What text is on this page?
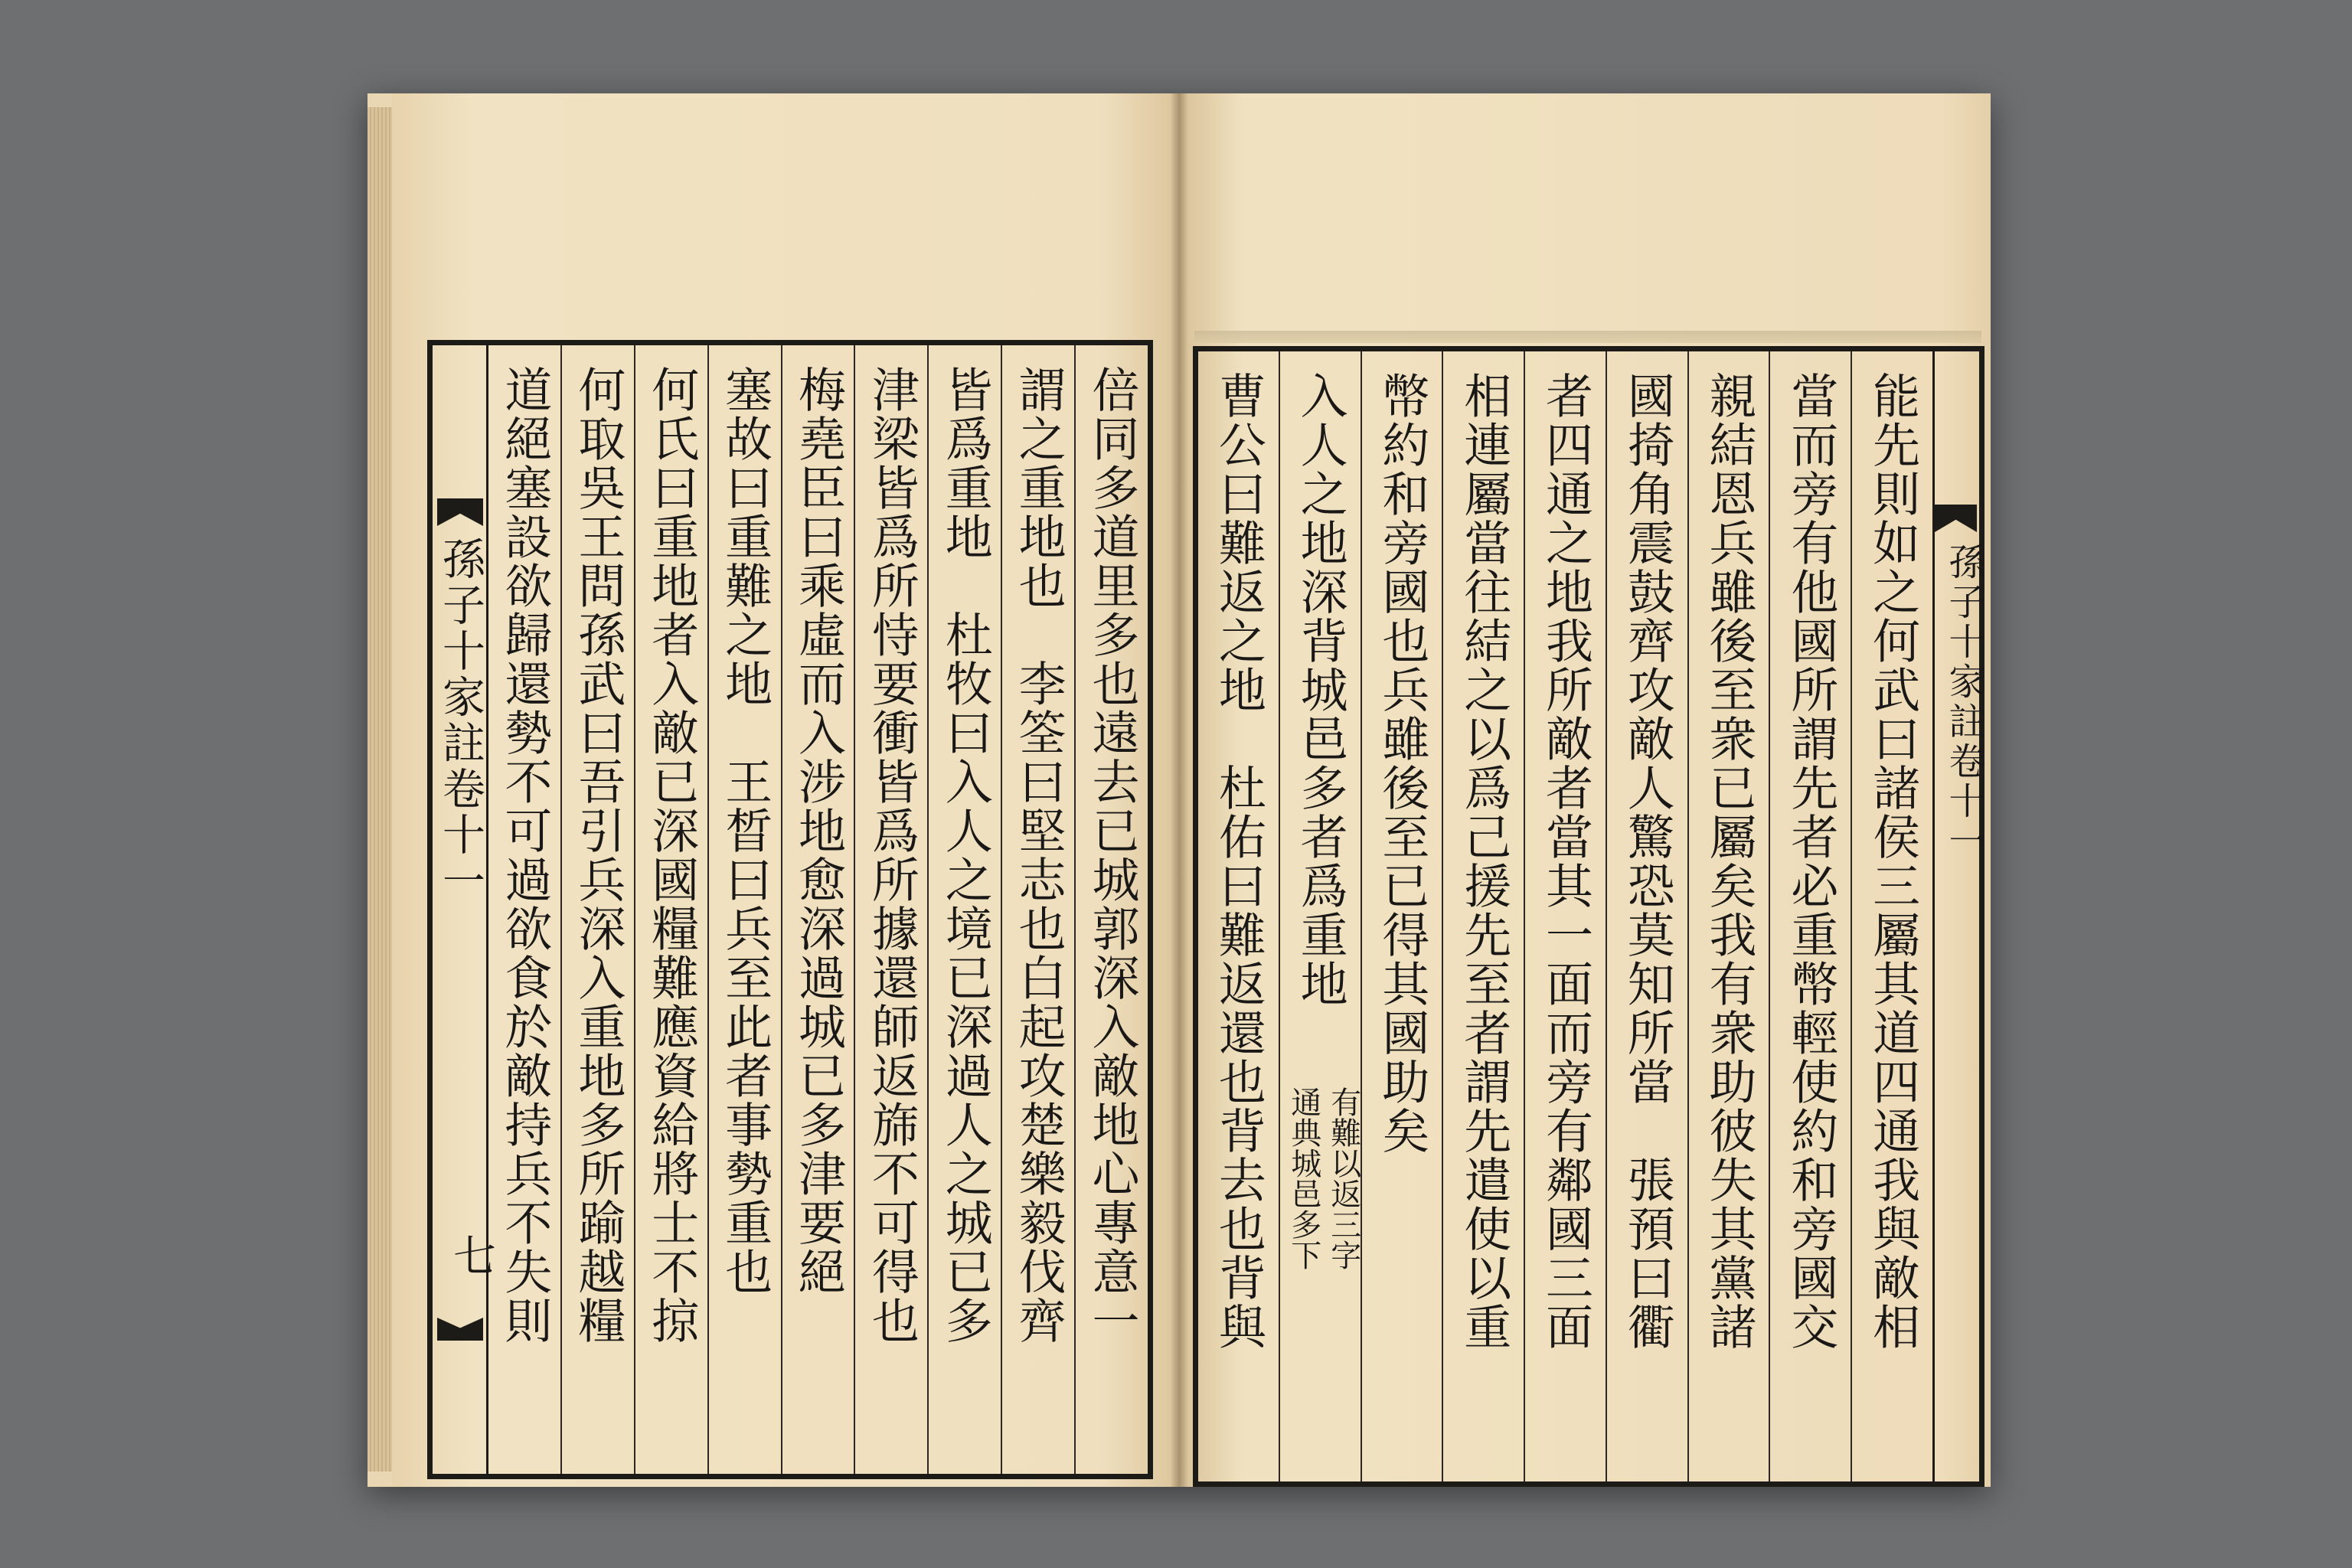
孫子十家註卷十一
七	倍同多道里多也遠去已城郭深入敵地心專意一
謂之重地也　李筌曰堅志也白起攻楚樂毅伐齊
皆爲重地　杜牧曰入人之境已深過人之城已多
津梁皆爲所恃要衝皆爲所據還師返旆不可得也
梅堯臣曰乘虛而入涉地愈深過城已多津要絕
塞故曰重難之地　王晳曰兵至此者事勢重也
何氏曰重地者入敵已深國糧難應資給將士不掠
何取吳王問孫武曰吾引兵深入重地多所踰越糧
道絕塞設欲歸還勢不可過欲食於敵持兵不失則	孫子十家註卷十一
能先則如之何武曰諸侯三屬其道四通我與敵相
當而旁有他國所謂先者必重幣輕使約和旁國交
親結恩兵雖後至衆已屬矣我有衆助彼失其黨諸
國掎角震鼓齊攻敵人驚恐莫知所當　張預曰衢
者四通之地我所敵者當其一面而旁有鄰國三面
相連屬當往結之以爲己援先至者謂先遣使以重
幣約和旁國也兵雖後至已得其國助矣
入人之地深背城邑多者爲重地
有難以返三字
通典城邑多下
曹公曰難返之地　杜佑曰難返還也背去也背與
